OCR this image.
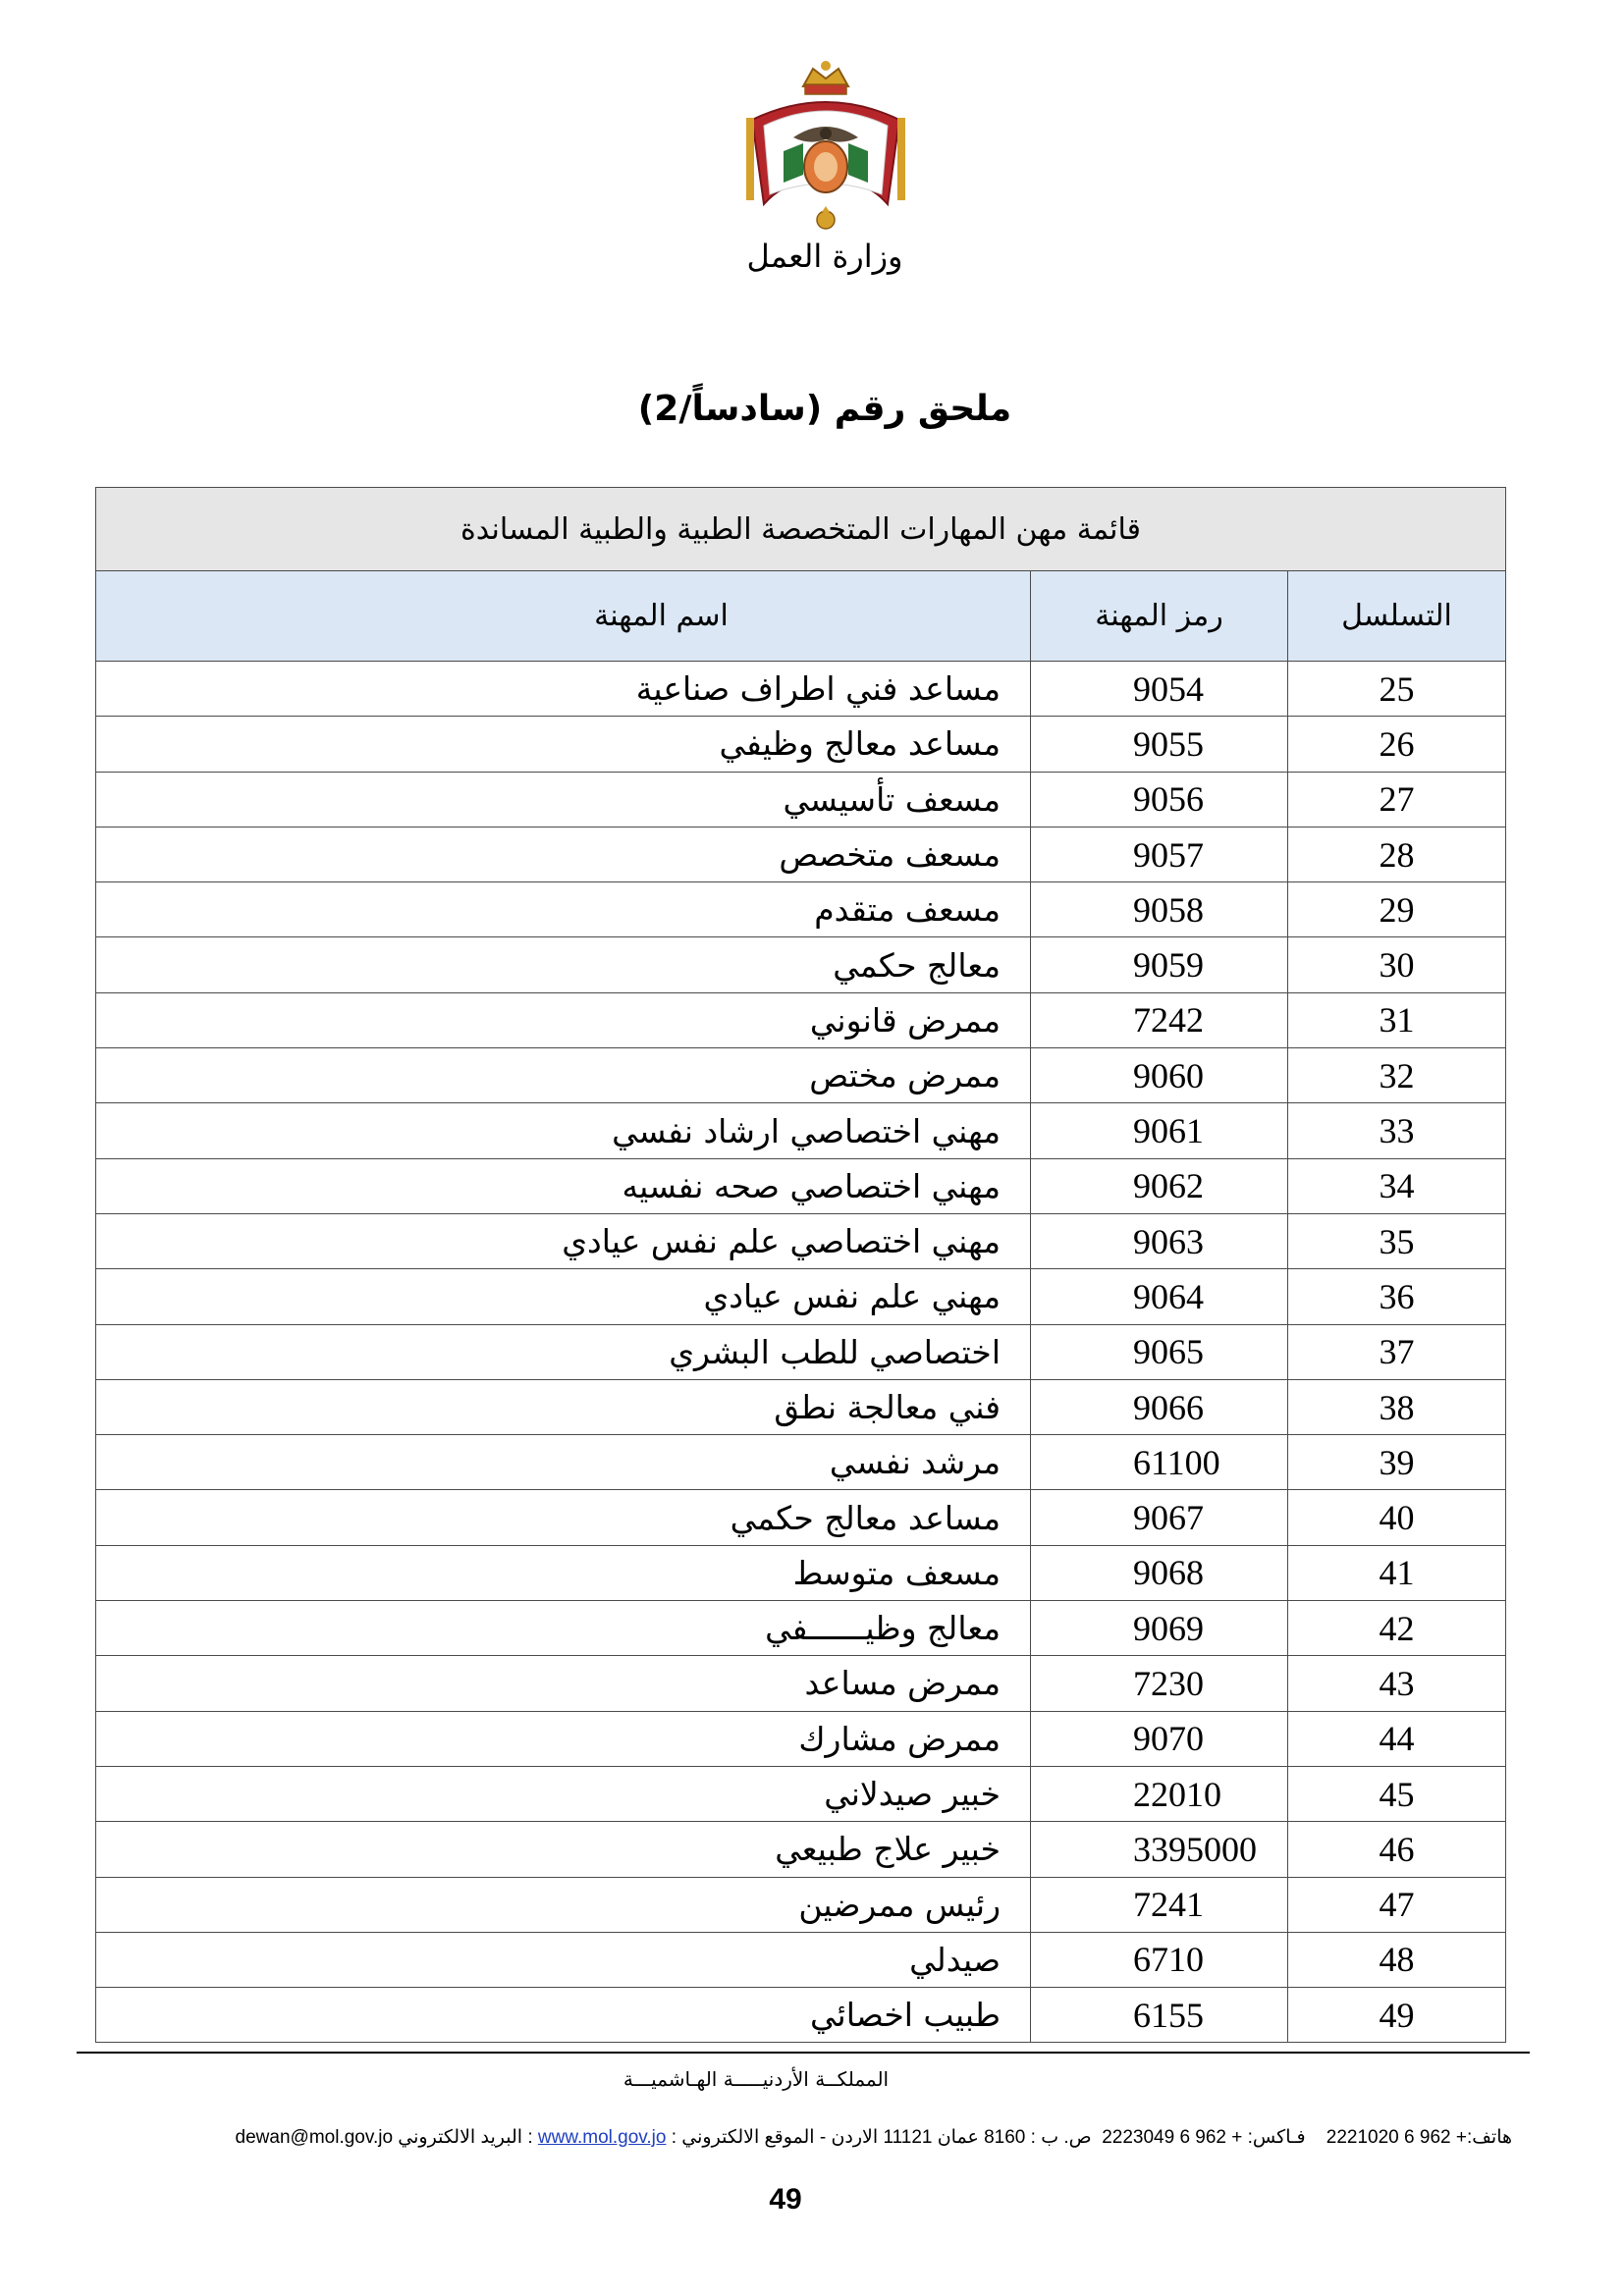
وزارة العمل
ملحق رقم (سادساً/2)
قائمة مهن المهارات المتخصصة الطبية والطبية المساندة		
التسلسل	رمز المهنة	اسم المهنة
25	9054	مساعد فني اطراف صناعية
26	9055	مساعد معالج وظيفي
27	9056	مسعف تأسيسي
28	9057	مسعف متخصص
29	9058	مسعف متقدم
30	9059	معالج حكمي
31	7242	ممرض قانوني
32	9060	ممرض مختص
33	9061	مهني اختصاصي ارشاد نفسي
34	9062	مهني اختصاصي صحه نفسيه
35	9063	مهني اختصاصي علم نفس عيادي
36	9064	مهني علم نفس عيادي
37	9065	اختصاصي للطب البشري
38	9066	فني معالجة نطق
39	61100	مرشد نفسي
40	9067	مساعد معالج حكمي
41	9068	مسعف متوسط
42	9069	معالج وظيــــــفي
43	7230	ممرض مساعد
44	9070	ممرض مشارك
45	22010	خبير صيدلاني
46	3395000	خبير علاج طبيعي
47	7241	رئيس ممرضين
48	6710	صيدلي
49	6155	طبيب اخصائي
المملكــة الأردنيـــــة الهـاشميـــة
هاتف:+ 962 6 2221020    فـاكس: + 962 6 2223049  ص. ب : 8160 عمان 11121 الاردن - الموقع الالكتروني : www.mol.gov.jo : البريد الالكتروني dewan@mol.gov.jo
49
